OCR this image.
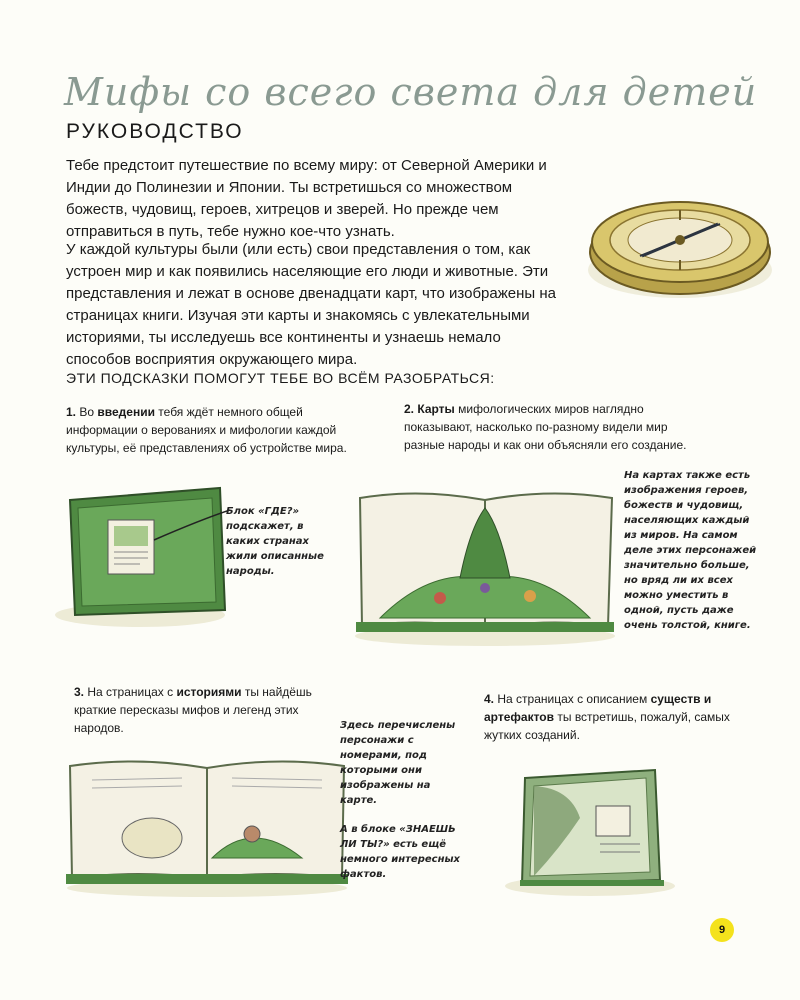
Мифы со всего света для детей
РУКОВОДСТВО

Тебе предстоит путешествие по всему миру: от Северной Америки и Индии до Полинезии и Японии. Ты встретишься со множеством божеств, чудовищ, героев, хитрецов и зверей. Но прежде чем отправиться в путь, тебе нужно кое-что узнать.

У каждой культуры были (или есть) свои представления о том, как устроен мир и как появились населяющие его люди и животные. Эти представления и лежат в основе двенадцати карт, что изображены на страницах книги. Изучая эти карты и знакомясь с увлекательными историями, ты исследуешь все континенты и узнаешь немало способов восприятия окружающего мира.

ЭТИ ПОДСКАЗКИ ПОМОГУТ ТЕБЕ ВО ВСЁМ РАЗОБРАТЬСЯ:

1. Во введении тебя ждёт немного общей информации о верованиях и мифологии каждой культуры, её представлениях об устройстве мира.

2. Карты мифологических миров наглядно показывают, насколько по-разному видели мир разные народы и как они объясняли его создание.

Блок «ГДЕ?» подскажет, в каких странах жили описанные народы.

На картах также есть изображения героев, божеств и чудовищ, населяющих каждый из миров. На самом деле этих персонажей значительно больше, но вряд ли их всех можно уместить в одной, пусть даже очень толстой, книге.

3. На страницах с историями ты найдёшь краткие пересказы мифов и легенд этих народов.

4. На страницах с описанием существ и артефактов ты встретишь, пожалуй, самых жутких созданий.

Здесь перечислены персонажи с номерами, под которыми они изображены на карте.

А в блоке «ЗНАЕШЬ ЛИ ТЫ?» есть ещё немного интересных фактов.

9
